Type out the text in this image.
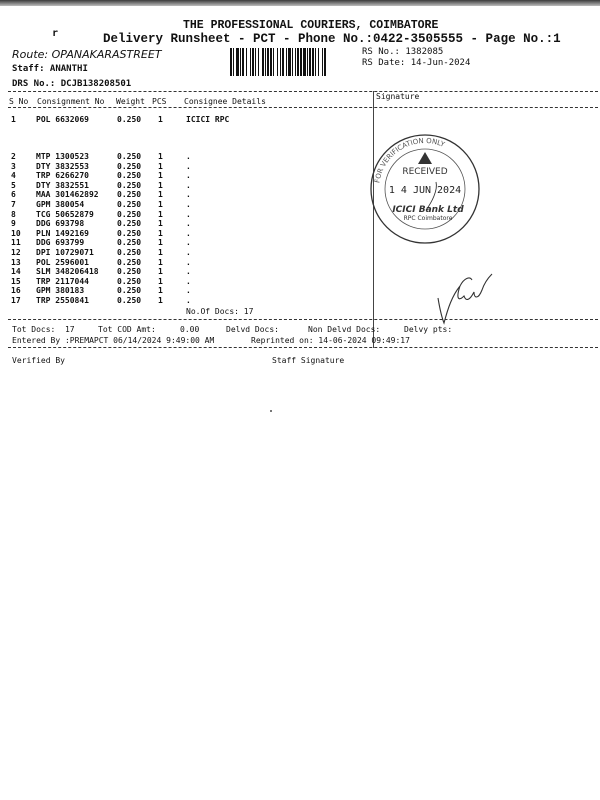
THE PROFESSIONAL COURIERS, COIMBATORE
Delivery Runsheet - PCT - Phone No.:0422-3505555 - Page No.:1
r
Route: OPANAKARASTREET
Staff: ANANTHI
DRS No.: DCJB138208501
RS No.: 1382085
RS Date: 14-Jun-2024
S No Consignment No Weight PCS Consignee Details
Signature
1	POL 6632069	0.250 1	ICICI RPC
2	MTP 1300523	0.250 1	.
3	DTY 3832553	0.250 1	.
4	TRP 6266270	0.250 1	.
5	DTY 3832551	0.250 1	.
6	MAA 301462892 0.250 1	.
7	GPM 380054	0.250 1	.
8	TCG 50652879	0.250 1	.
9	DDG 693798	0.250 1	.
10 PLN 1492169	0.250 1	.
11 DDG 693799	0.250 1	.
12 DPI 10729071	0.250 1	.
13 POL 2596001	0.250 1	.
14 SLM 348206418 0.250 1	.
15 TRP 2117044	0.250 1	.
16 GPM 380183	0.250 1	.
17 TRP 2550841	0.250 1	.
No.Of Docs: 17
FOR VERIFICATION ONLY
RECEIVED
1 4 JUN 2024
ICICI Bank Ltd
RPC Coimbatore
Tot Docs:  17	Tot COD Amt:	0.00	Delvd Docs:	Non Delvd Docs:	Delvy pts:
Entered By :PREMAPCT 06/14/2024 9:49:00 AM	Reprinted on: 14-06-2024 09:49:17
Verified By	Staff Signature
